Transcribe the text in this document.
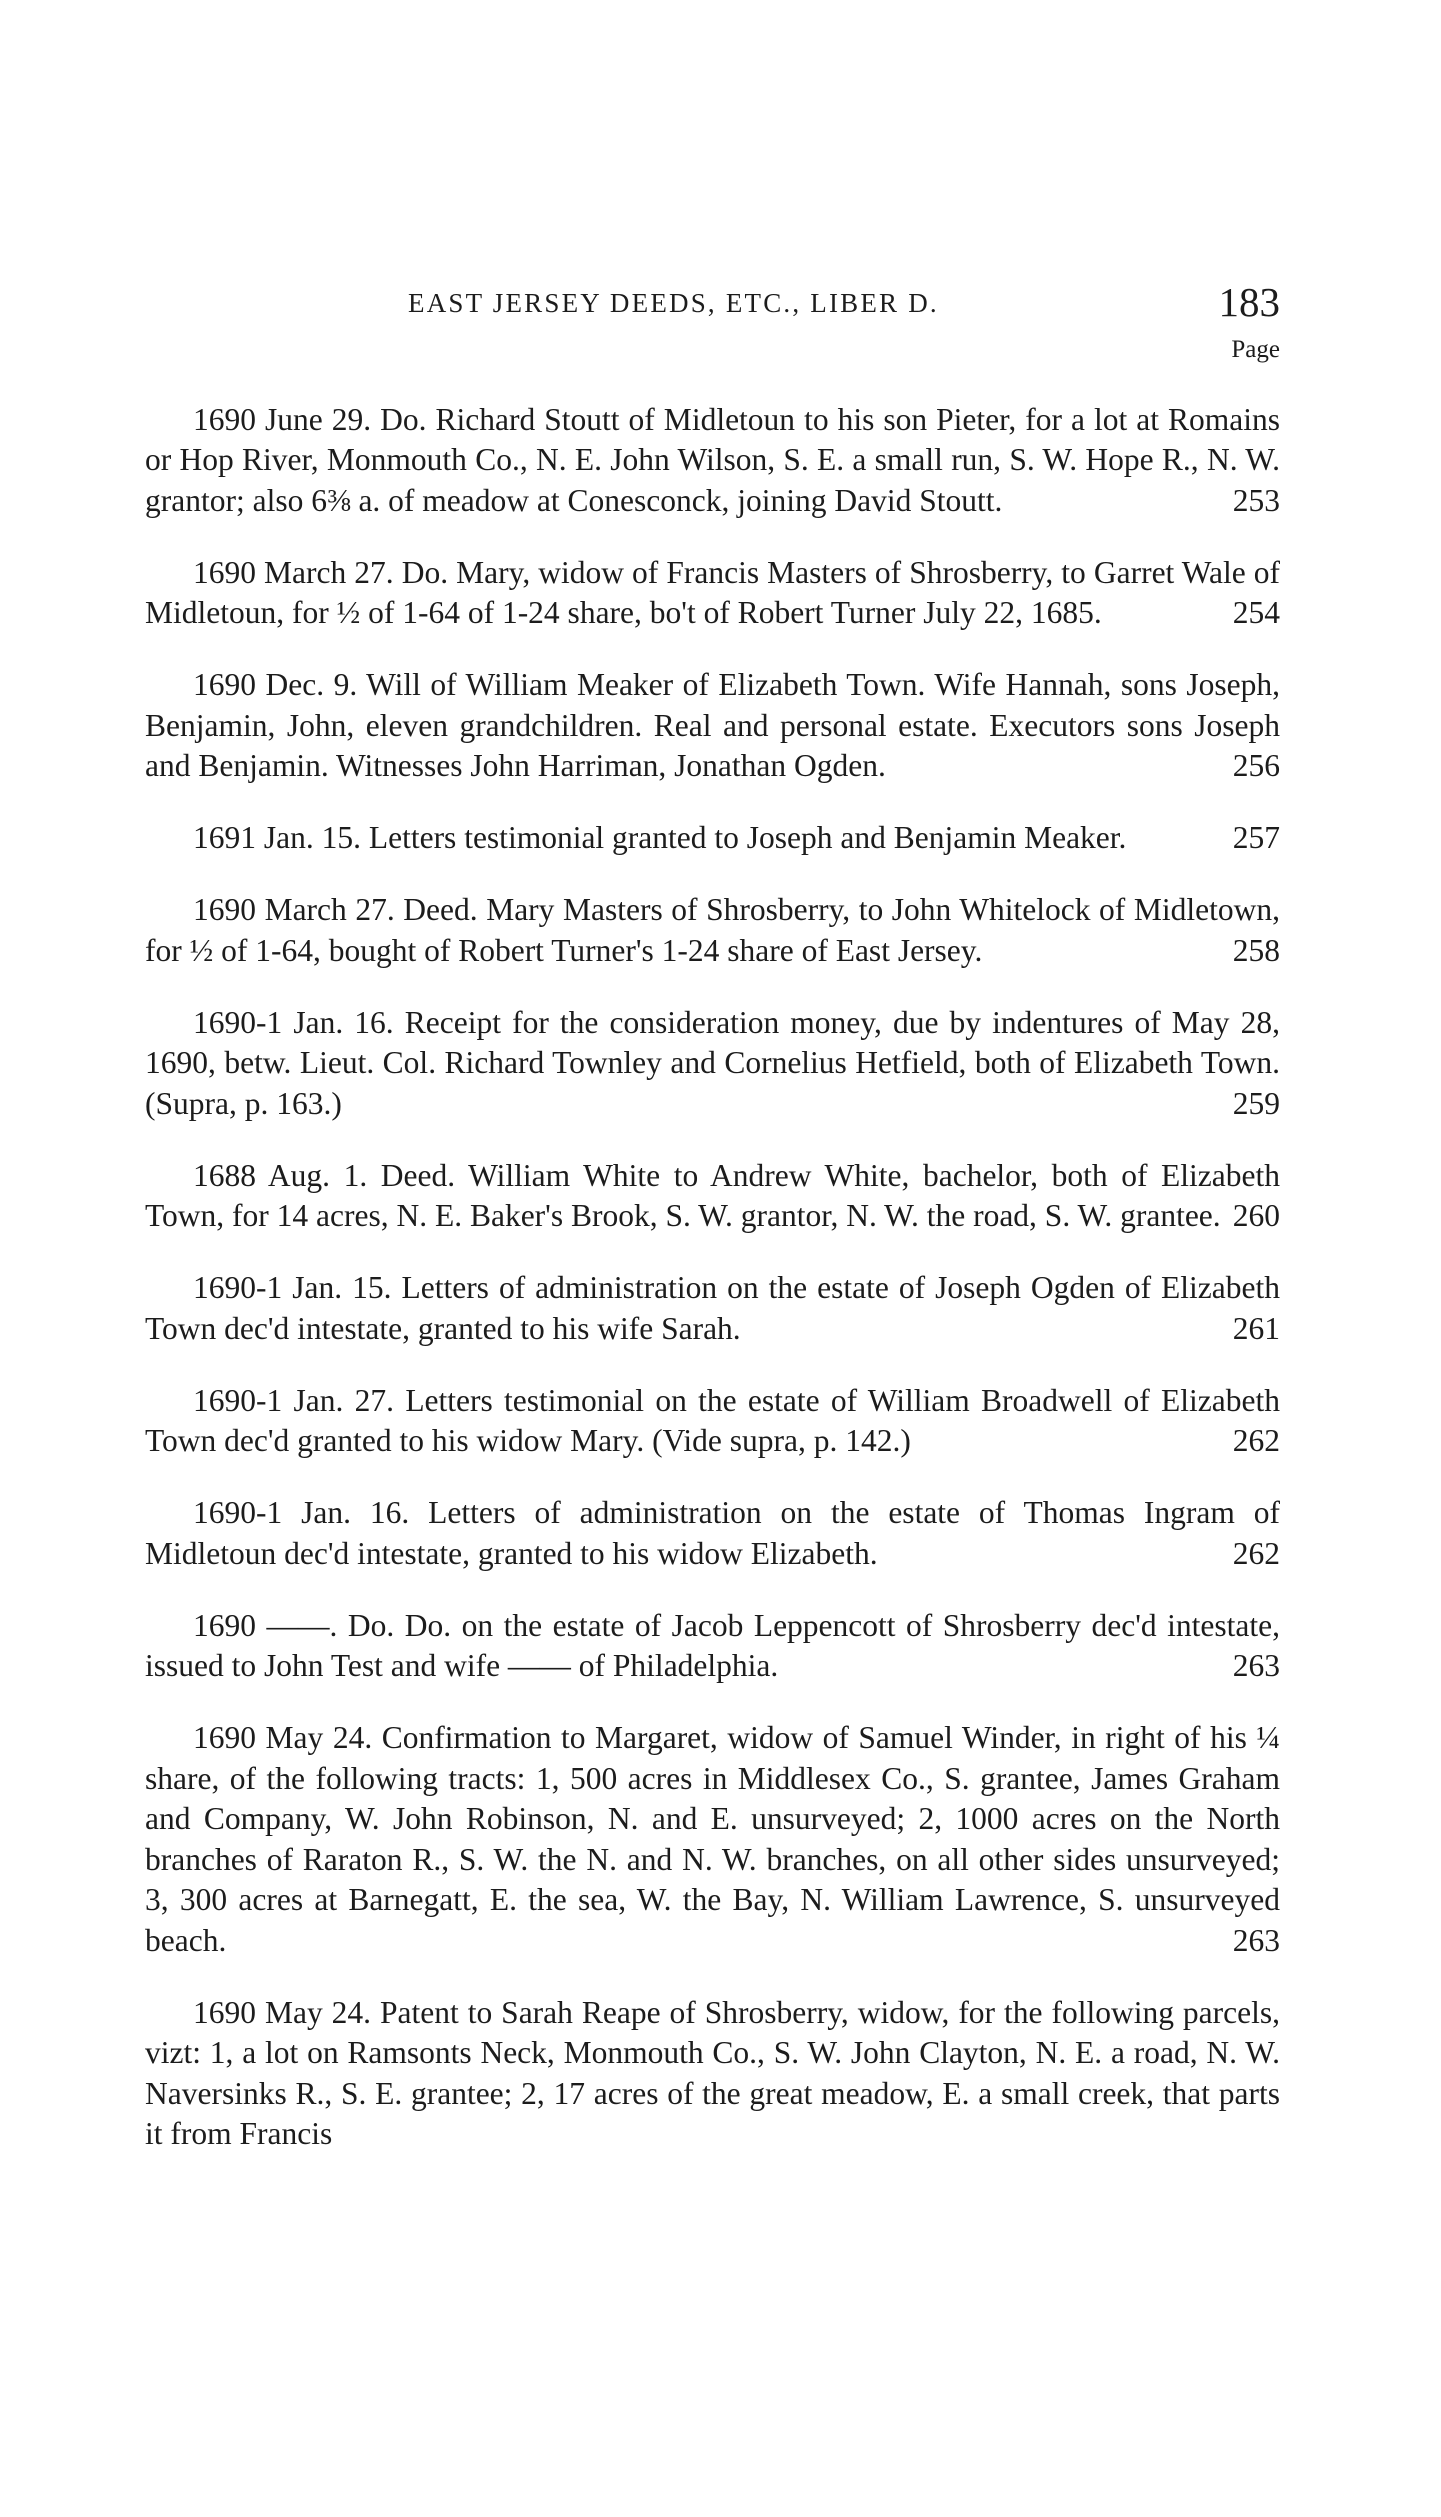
EAST JERSEY DEEDS, ETC., LIBER D.	183
Page

1690 June 29. Do. Richard Stoutt of Midletoun to his son Pieter, for a lot at Romains or Hop River, Monmouth Co., N. E. John Wilson, S. E. a small run, S. W. Hope R., N. W. grantor; also 6⅜ a. of meadow at Conesconck, joining David Stoutt.	253

1690 March 27. Do. Mary, widow of Francis Masters of Shrosberry, to Garret Wale of Midletoun, for ½ of 1-64 of 1-24 share, bo't of Robert Turner July 22, 1685.	254

1690 Dec. 9. Will of William Meaker of Elizabeth Town. Wife Hannah, sons Joseph, Benjamin, John, eleven grandchildren. Real and personal estate. Executors sons Joseph and Benjamin. Witnesses John Harriman, Jonathan Ogden.	256

1691 Jan. 15. Letters testimonial granted to Joseph and Benjamin Meaker.	257

1690 March 27. Deed. Mary Masters of Shrosberry, to John Whitelock of Midletown, for ½ of 1-64, bought of Robert Turner's 1-24 share of East Jersey.	258

1690-1 Jan. 16. Receipt for the consideration money, due by indentures of May 28, 1690, betw. Lieut. Col. Richard Townley and Cornelius Hetfield, both of Elizabeth Town. (Supra, p. 163.)	259

1688 Aug. 1. Deed. William White to Andrew White, bachelor, both of Elizabeth Town, for 14 acres, N. E. Baker's Brook, S. W. grantor, N. W. the road, S. W. grantee. 260

1690-1 Jan. 15. Letters of administration on the estate of Joseph Ogden of Elizabeth Town dec'd intestate, granted to his wife Sarah.	261

1690-1 Jan. 27. Letters testimonial on the estate of William Broadwell of Elizabeth Town dec'd granted to his widow Mary. (Vide supra, p. 142.)	262

1690-1 Jan. 16. Letters of administration on the estate of Thomas Ingram of Midletoun dec'd intestate, granted to his widow Elizabeth.	262

1690 ——. Do. Do. on the estate of Jacob Leppencott of Shrosberry dec'd intestate, issued to John Test and wife —— of Philadelphia.	263

1690 May 24. Confirmation to Margaret, widow of Samuel Winder, in right of his ¼ share, of the following tracts: 1, 500 acres in Middlesex Co., S. grantee, James Graham and Company, W. John Robinson, N. and E. unsurveyed; 2, 1000 acres on the North branches of Raraton R., S. W. the N. and N. W. branches, on all other sides unsurveyed; 3, 300 acres at Barnegatt, E. the sea, W. the Bay, N. William Lawrence, S. unsurveyed beach.	263

1690 May 24. Patent to Sarah Reape of Shrosberry, widow, for the following parcels, vizt: 1, a lot on Ramsonts Neck, Monmouth Co., S. W. John Clayton, N. E. a road, N. W. Naversinks R., S. E. grantee; 2, 17 acres of the great meadow, E. a small creek, that parts it from Francis
